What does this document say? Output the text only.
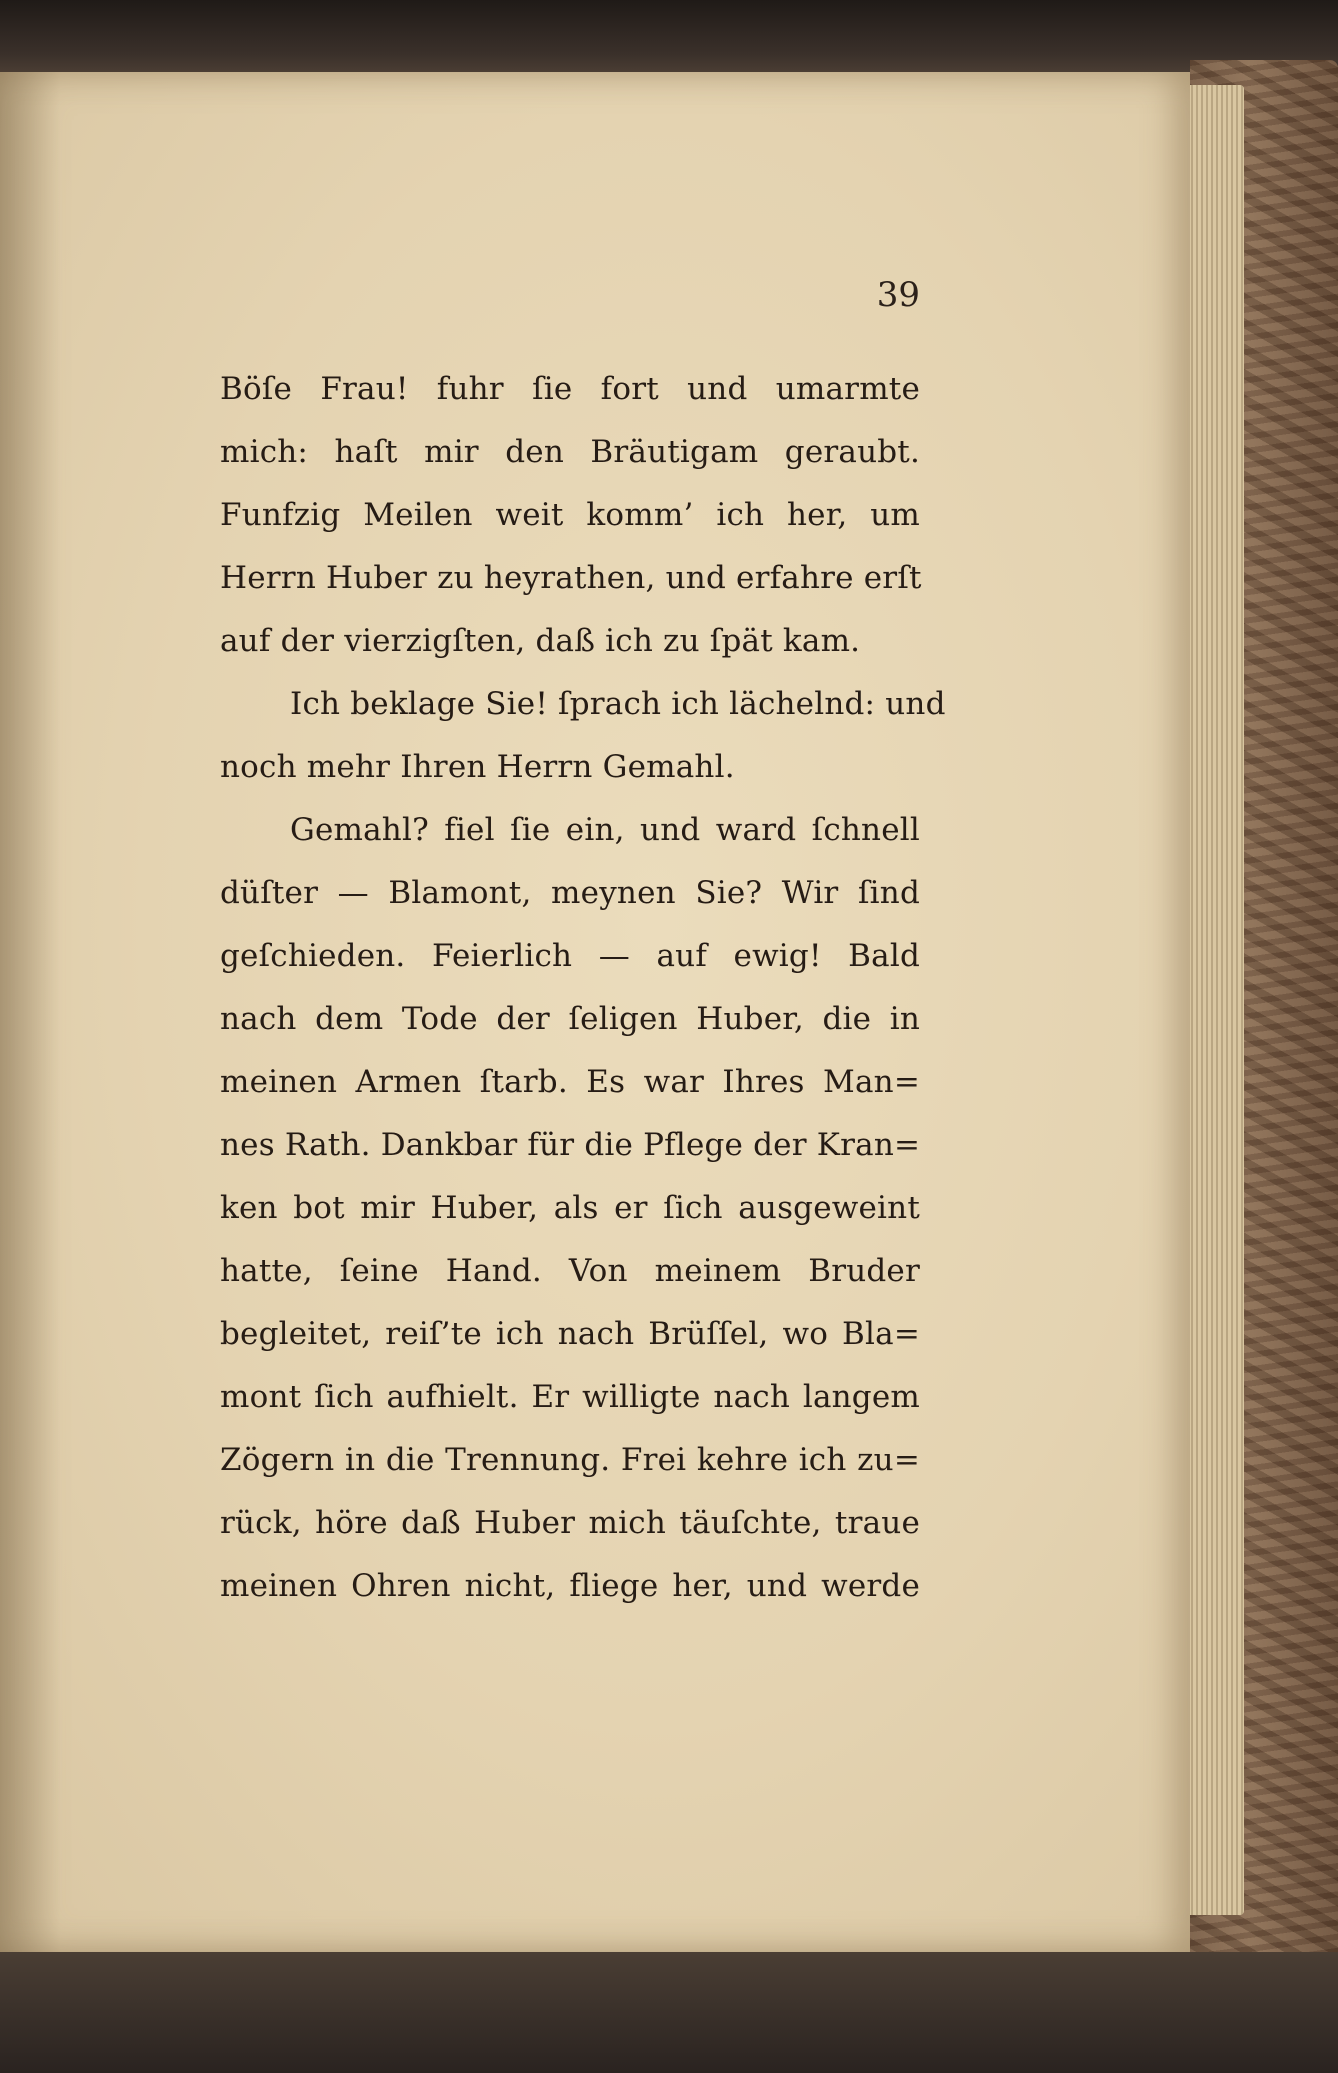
39

Böſe Frau! fuhr ſie fort und umarmte
mich: haſt mir den Bräutigam geraubt.
Funfzig Meilen weit komm’ ich her, um
Herrn Huber zu heyrathen, und erfahre erſt
auf der vierzigſten, daß ich zu ſpät kam.
Ich beklage Sie! ſprach ich lächelnd: und
noch mehr Ihren Herrn Gemahl.
Gemahl? fiel ſie ein, und ward ſchnell
düſter — Blamont, meynen Sie? Wir ſind
geſchieden. Feierlich — auf ewig! Bald
nach dem Tode der ſeligen Huber, die in
meinen Armen ſtarb. Es war Ihres Man=
nes Rath. Dankbar für die Pflege der Kran=
ken bot mir Huber, als er ſich ausgeweint
hatte, ſeine Hand. Von meinem Bruder
begleitet, reiſ’te ich nach Brüſſel, wo Bla=
mont ſich aufhielt. Er willigte nach langem
Zögern in die Trennung. Frei kehre ich zu=
rück, höre daß Huber mich täuſchte, traue
meinen Ohren nicht, fliege her, und werde
